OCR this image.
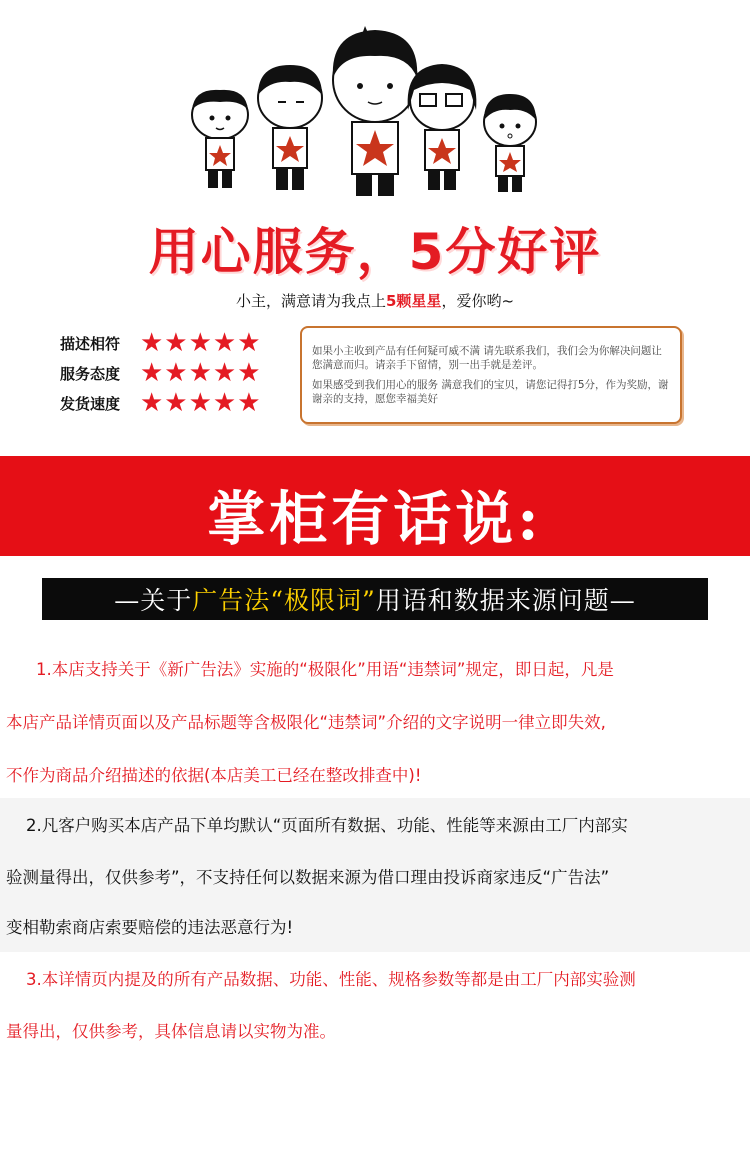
用心服务，5分好评
小主，满意请为我点上5颗星星，爱你哟~
描述相符 ★★★★★
服务态度 ★★★★★
发货速度 ★★★★★

如果小主收到产品有任何疑可威不满 请先联系我们，我们会为你解决问题让您满意而归。请亲手下留情，别一出手就是差评。

如果感受到我们用心的服务 满意我们的宝贝，请您记得打5分，作为奖励，谢谢亲的支持，愿您幸福美好

掌柜有话说:
—关于 广告法“极限词” 用语和数据来源问题—
1.本店支持关于《新广告法》实施的“极限化”用语“违禁词”规定，即日起，凡是
本店产品详情页面以及产品标题等含极限化“违禁词”介绍的文字说明一律立即失效,
不作为商品介绍描述的依据(本店美工已经在整改排查中)!
2.凡客户购买本店产品下单均默认“页面所有数据、功能、性能等来源由工厂内部实
验测量得出，仅供参考”，不支持任何以数据来源为借口理由投诉商家违反“广告法”
变相勒索商店索要赔偿的违法恶意行为!
3.本详情页内提及的所有产品数据、功能、性能、规格参数等都是由工厂内部实验测
量得出，仅供参考，具体信息请以实物为准。
